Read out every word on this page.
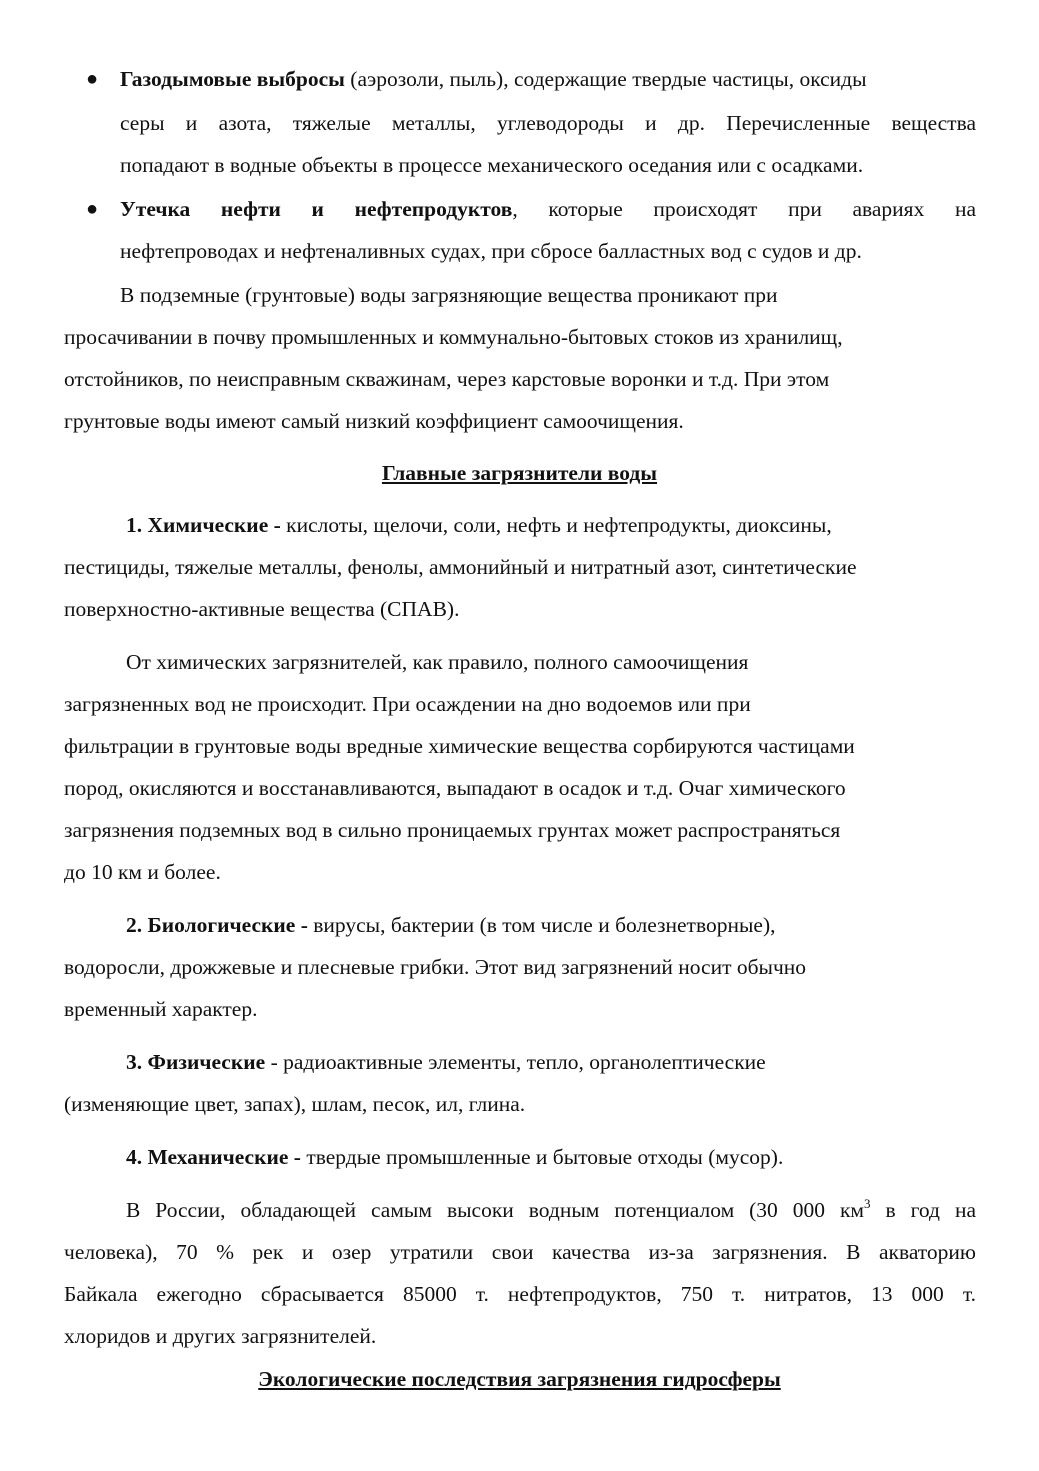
● Газодымовые выбросы (аэрозоли, пыль), содержащие твердые частицы, оксиды
серы и азота, тяжелые металлы, углеводороды и др. Перечисленные вещества
попадают в водные объекты в процессе механического оседания или с осадками.
● Утечка нефти и нефтепродуктов, которые происходят при авариях на
нефтепроводах и нефтеналивных судах, при сбросе балластных вод с судов и др.
В подземные (грунтовые) воды загрязняющие вещества проникают при
просачивании в почву промышленных и коммунально-бытовых стоков из хранилищ,
отстойников, по неисправным скважинам, через карстовые воронки и т.д. При этом
грунтовые воды имеют самый низкий коэффициент самоочищения.
Главные загрязнители воды
1. Химические - кислоты, щелочи, соли, нефть и нефтепродукты, диоксины,
пестициды, тяжелые металлы, фенолы, аммонийный и нитратный азот, синтетические
поверхностно-активные вещества (СПАВ).
От химических загрязнителей, как правило, полного самоочищения
загрязненных вод не происходит. При осаждении на дно водоемов или при
фильтрации в грунтовые воды вредные химические вещества сорбируются частицами
пород, окисляются и восстанавливаются, выпадают в осадок и т.д. Очаг химического
загрязнения подземных вод в сильно проницаемых грунтах может распространяться
до 10 км и более.
2. Биологические - вирусы, бактерии (в том числе и болезнетворные),
водоросли, дрожжевые и плесневые грибки. Этот вид загрязнений носит обычно
временный характер.
3. Физические - радиоактивные элементы, тепло, органолептические
(изменяющие цвет, запах), шлам, песок, ил, глина.
4. Механические - твердые промышленные и бытовые отходы (мусор).
В России, обладающей самым высоки водным потенциалом (30 000 $км^3$ в год на
человека), 70 % рек и озер утратили свои качества из-за загрязнения. В акваторию
Байкала ежегодно сбрасывается 85000 т. нефтепродуктов, 750 т. нитратов, 13 000 т.
хлоридов и других загрязнителей.
Экологические последствия загрязнения гидросферы
